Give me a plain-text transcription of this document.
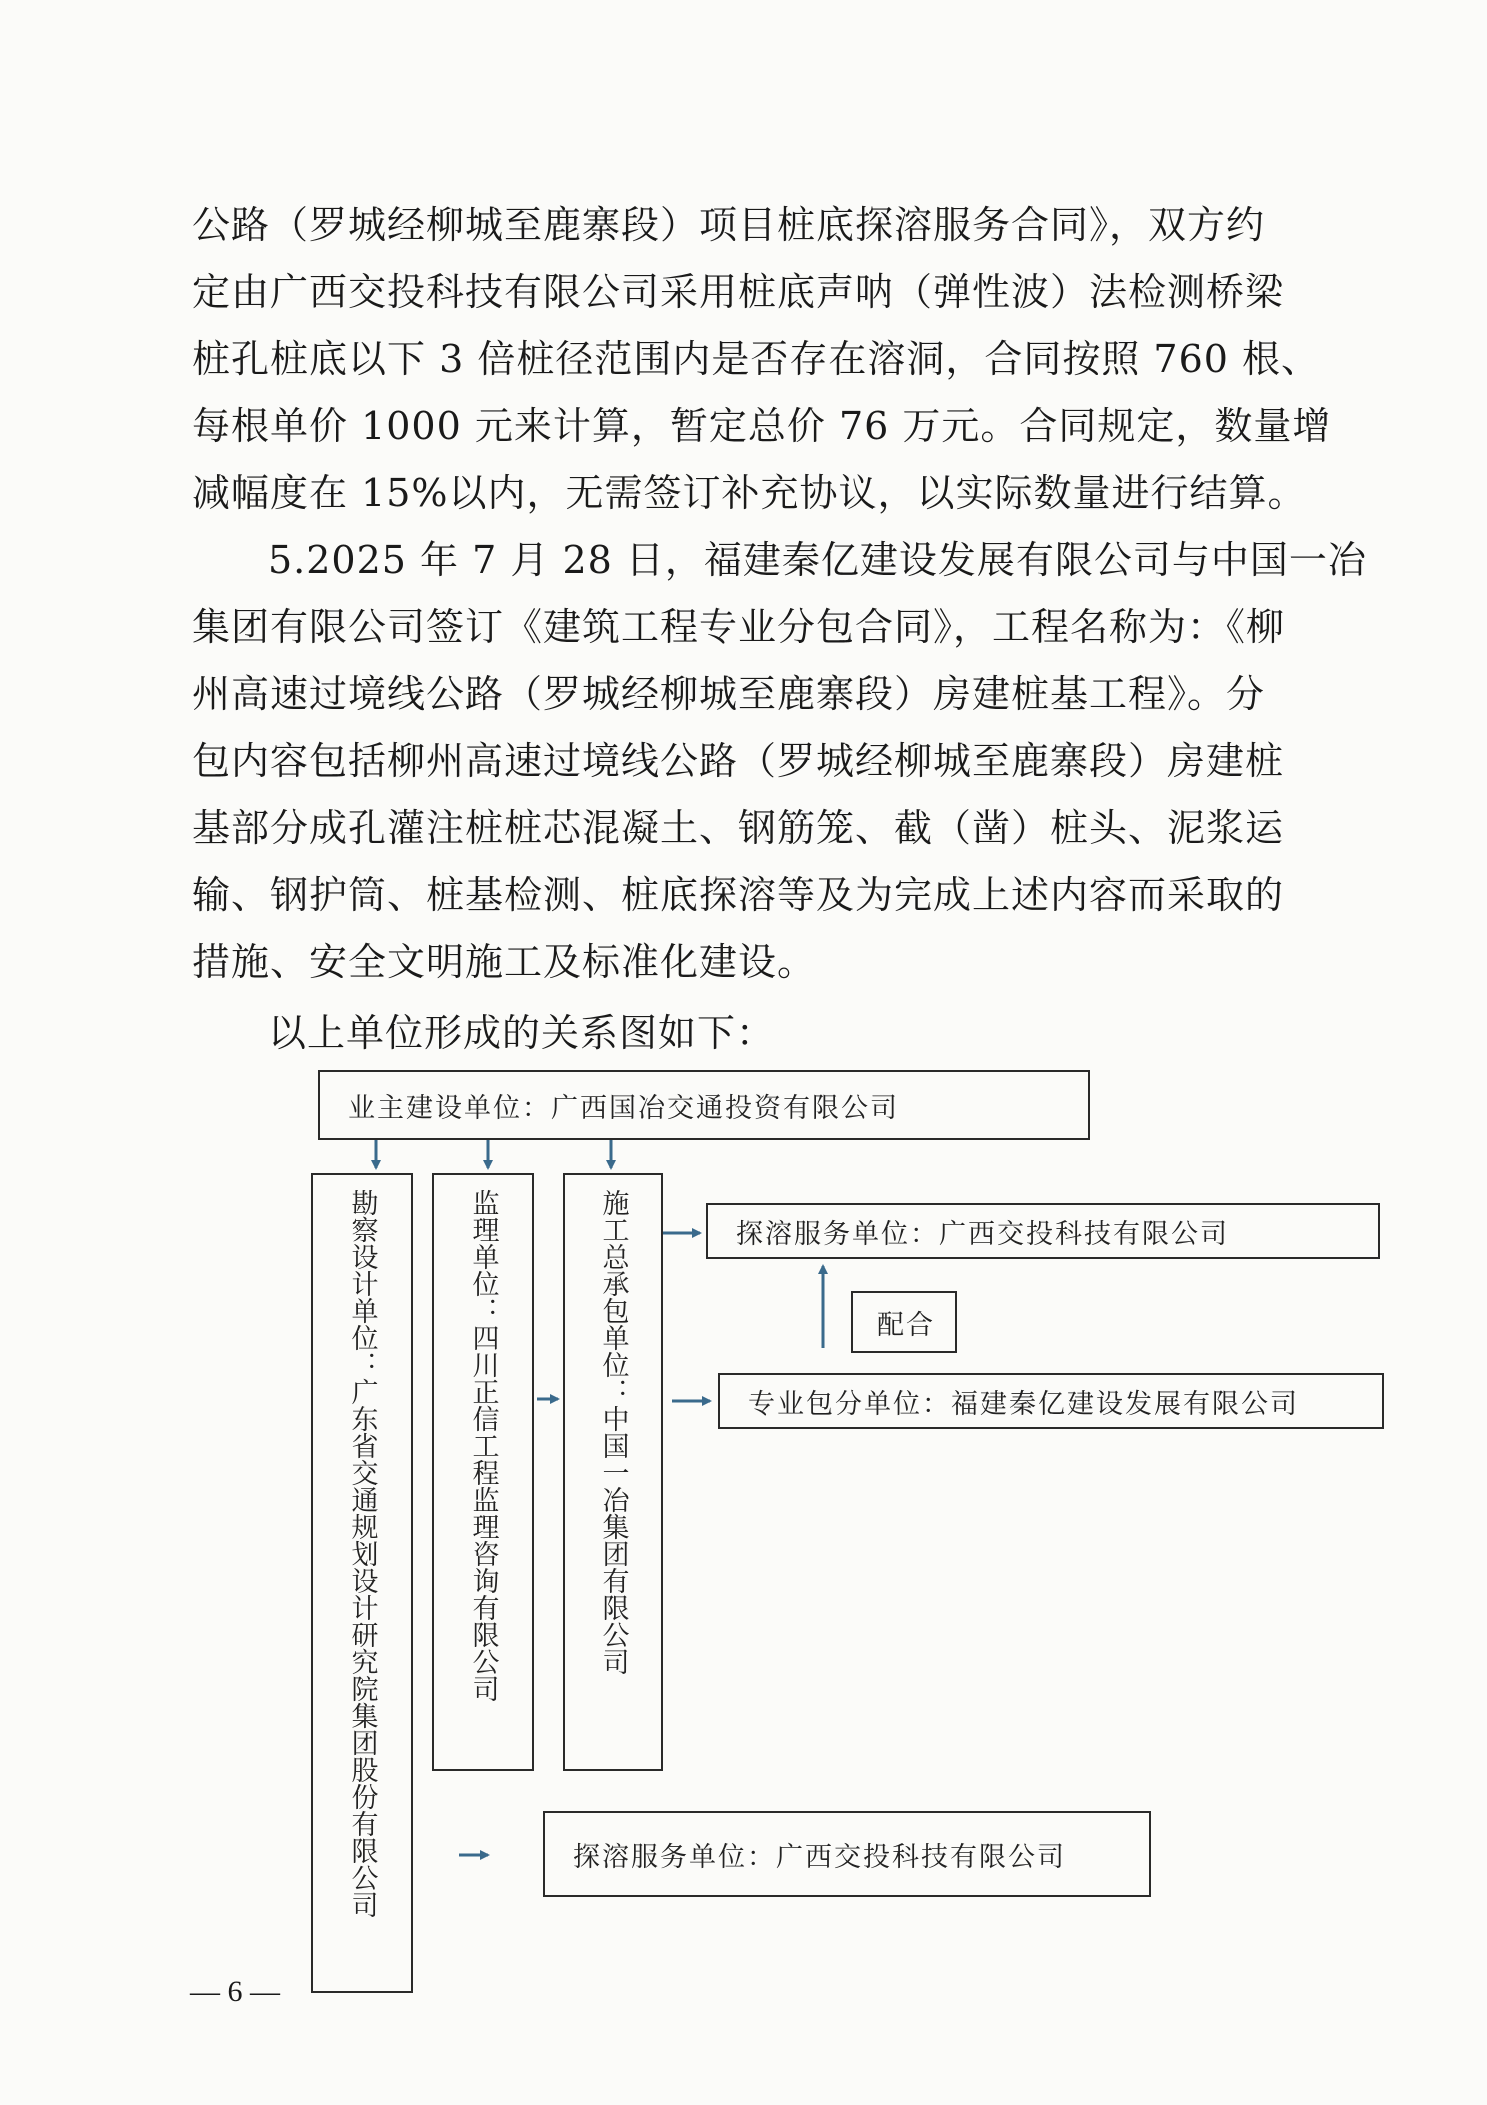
公路（罗城经柳城至鹿寨段）项目桩底探溶服务合同》，双方约
定由广西交投科技有限公司采用桩底声呐（弹性波）法检测桥梁
桩孔桩底以下 3 倍桩径范围内是否存在溶洞，合同按照 760 根、
每根单价 1000 元来计算，暂定总价 76 万元。合同规定，数量增
减幅度在 15%以内，无需签订补充协议，以实际数量进行结算。
5.2025 年 7 月 28 日，福建秦亿建设发展有限公司与中国一冶
集团有限公司签订《建筑工程专业分包合同》，工程名称为：《柳
州高速过境线公路（罗城经柳城至鹿寨段）房建桩基工程》。分
包内容包括柳州高速过境线公路（罗城经柳城至鹿寨段）房建桩
基部分成孔灌注桩桩芯混凝土、钢筋笼、截（凿）桩头、泥浆运
输、钢护筒、桩基检测、桩底探溶等及为完成上述内容而采取的
措施、安全文明施工及标准化建设。
以上单位形成的关系图如下：
业主建设单位：广西国冶交通投资有限公司
勘察设计单位：广东省交通规划设计研究院集团股份有限公司	监理单位：四川正信工程监理咨询有限公司	施工总承包单位：中国一冶集团有限公司	探溶服务单位：广西交投科技有限公司
配合
专业包分单位：福建秦亿建设发展有限公司
探溶服务单位：广西交投科技有限公司
— 6 —
